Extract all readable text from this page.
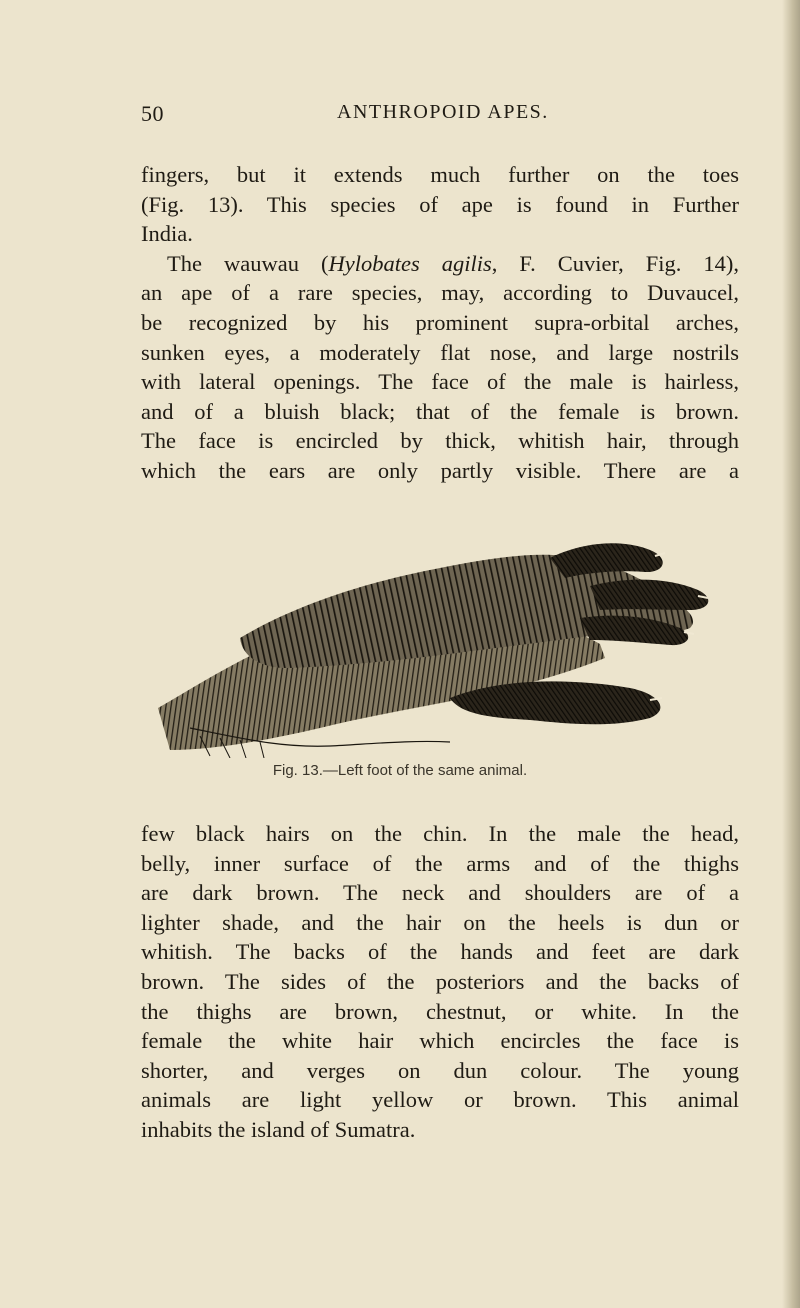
50	ANTHROPOID APES.
fingers, but it extends much further on the toes
(Fig. 13). This species of ape is found in Further
India.
The wauwau (Hylobates agilis, F. Cuvier, Fig. 14),
an ape of a rare species, may, according to Duvaucel,
be recognized by his prominent supra-orbital arches,
sunken eyes, a moderately flat nose, and large nostrils
with lateral openings. The face of the male is hairless,
and of a bluish black; that of the female is brown.
The face is encircled by thick, whitish hair, through
which the ears are only partly visible. There are a
Fig. 13.—Left foot of the same animal.
few black hairs on the chin. In the male the head,
belly, inner surface of the arms and of the thighs
are dark brown. The neck and shoulders are of a
lighter shade, and the hair on the heels is dun or
whitish. The backs of the hands and feet are dark
brown. The sides of the posteriors and the backs of
the thighs are brown, chestnut, or white. In the
female the white hair which encircles the face is
shorter, and verges on dun colour. The young
animals are light yellow or brown. This animal
inhabits the island of Sumatra.
